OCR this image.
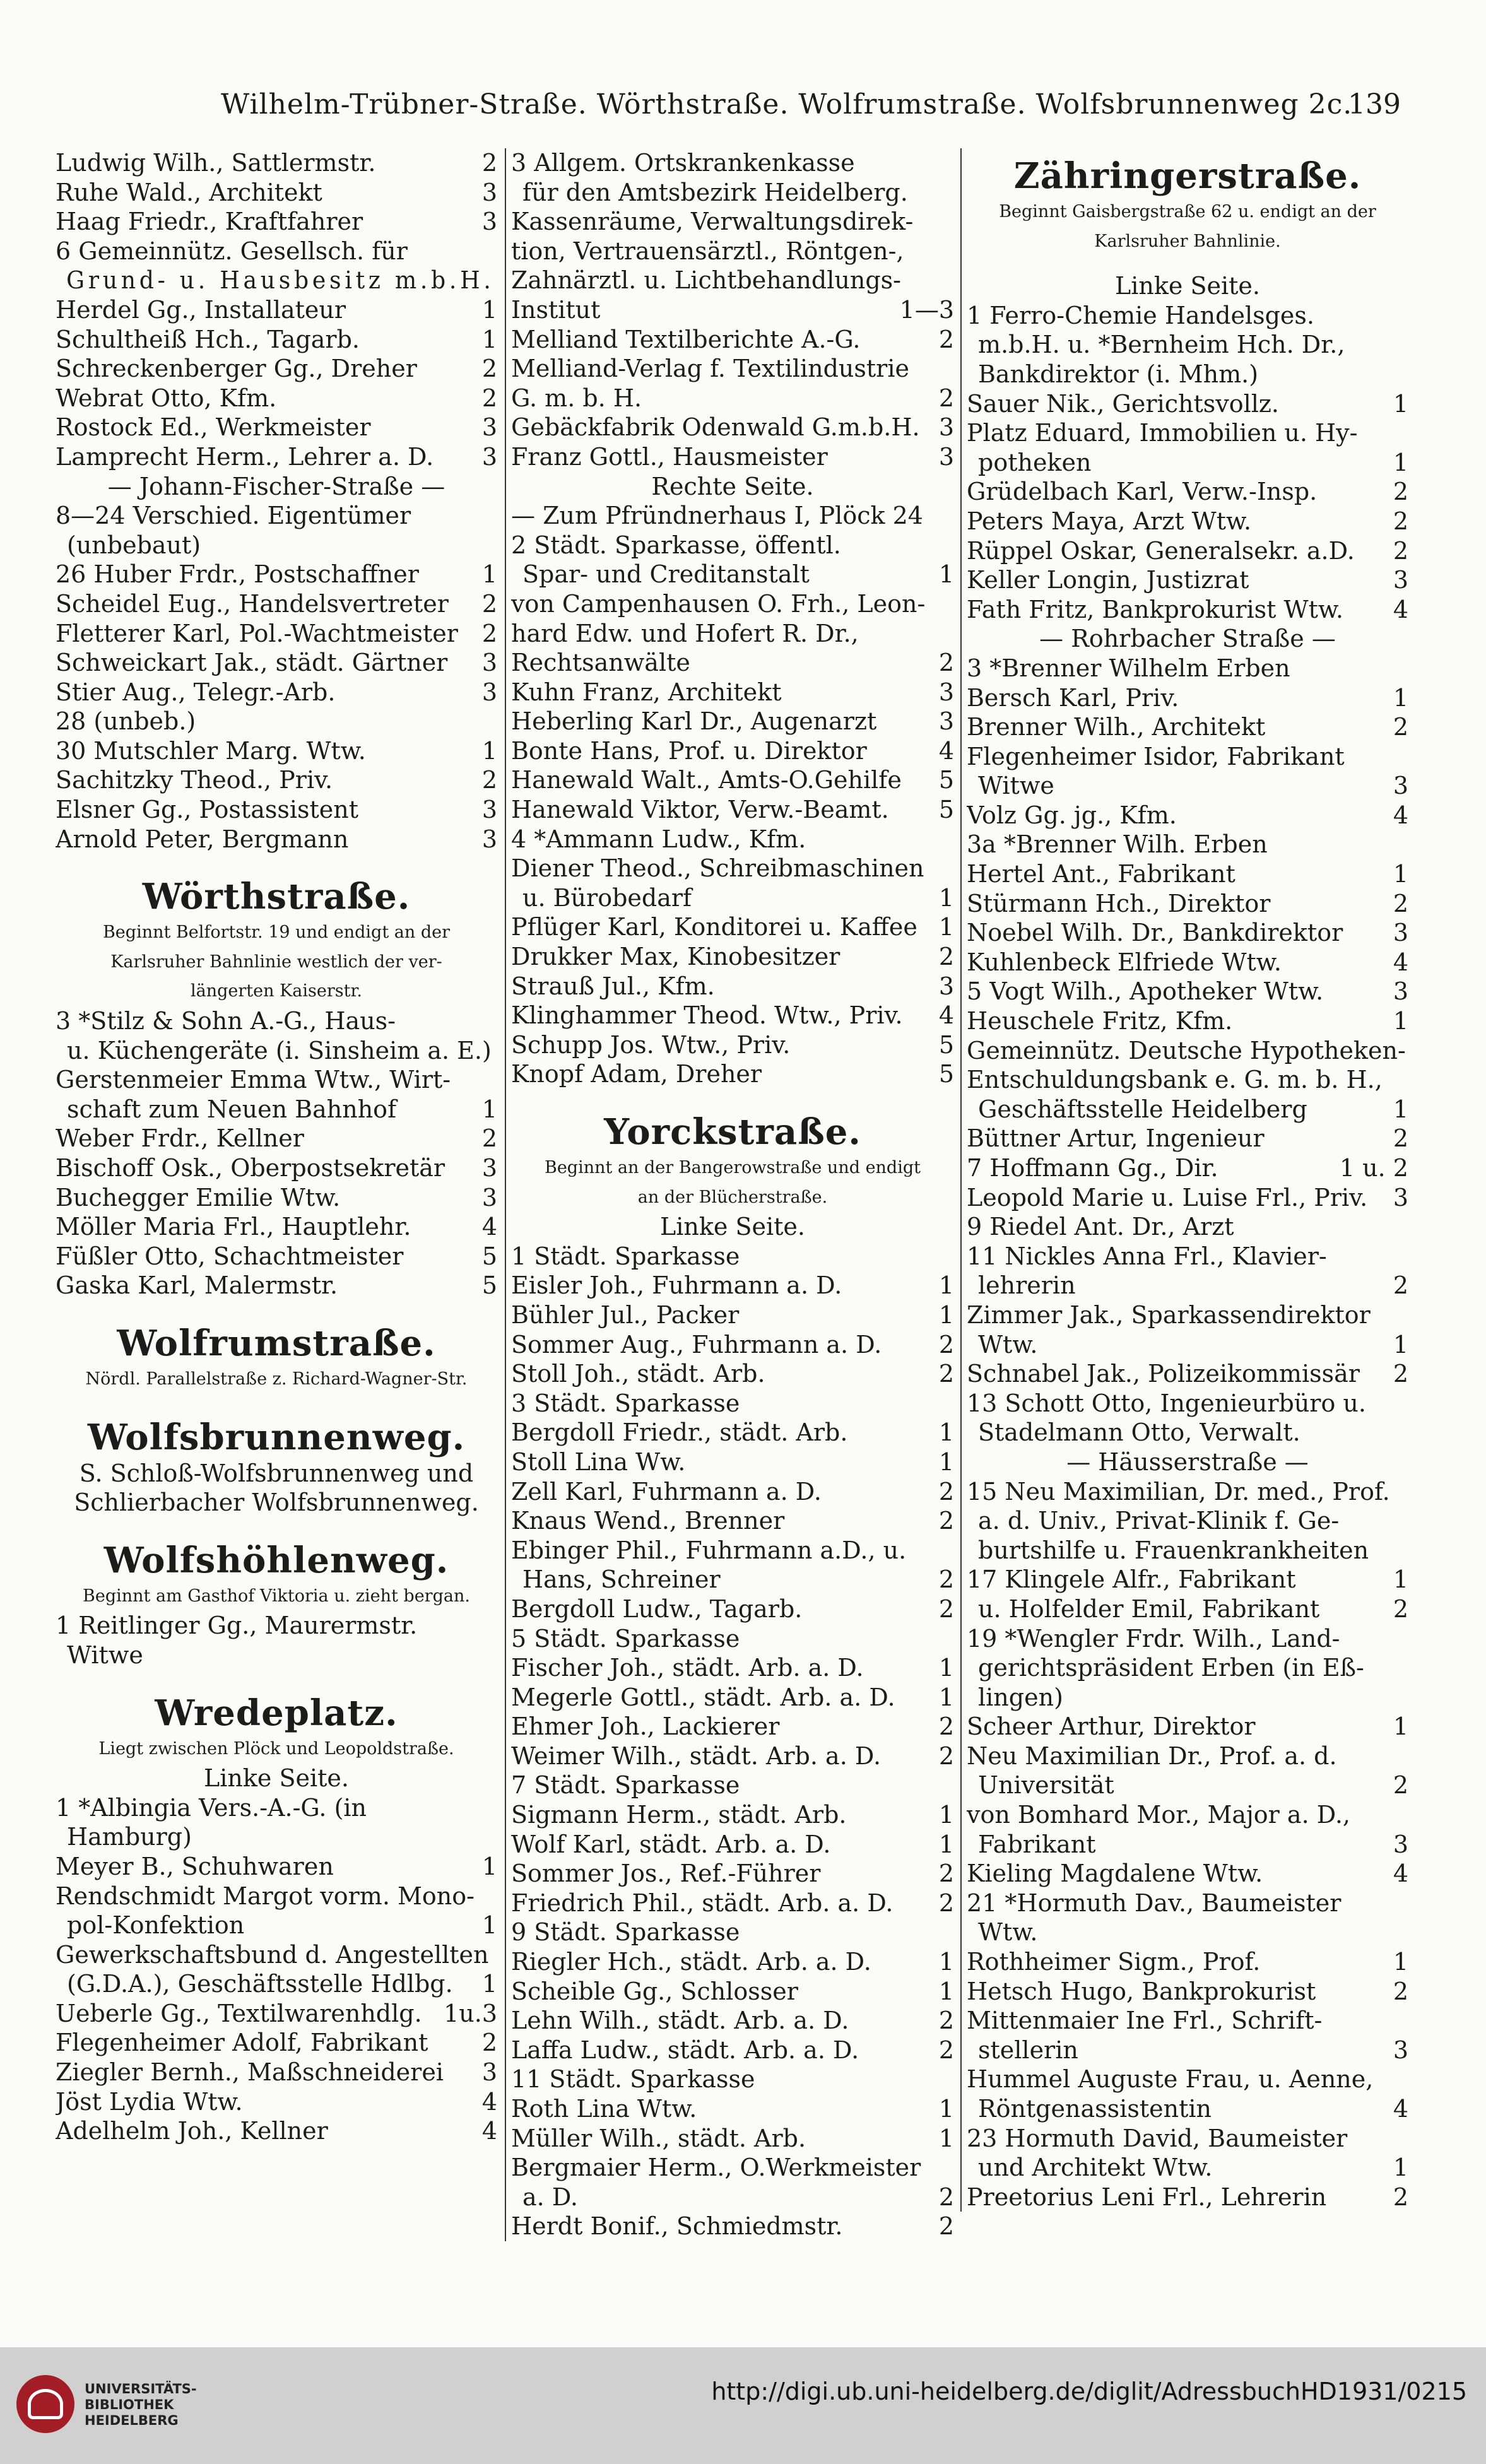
Wilhelm-Trübner-Straße. Wörthstraße. Wolfrumstraße. Wolfsbrunnenweg 2c.
139
Ludwig Wilh., Sattlermstr.	2
Ruhe Wald., Architekt	3
Haag Friedr., Kraftfahrer	3
6 Gemeinnütz. Gesellsch. für
Grund- u. Hausbesitz m.b.H.
Herdel Gg., Installateur	1
Schultheiß Hch., Tagarb.	1
Schreckenberger Gg., Dreher	2
Webrat Otto, Kfm.	2
Rostock Ed., Werkmeister	3
Lamprecht Herm., Lehrer a. D. 3
— Johann-Fischer-Straße —
8—24 Verschied. Eigentümer
(unbebaut)
26 Huber Frdr., Postschaffner	1
Scheidel Eug., Handelsvertreter 2
Fletterer Karl, Pol.-Wachtmeister 2
Schweickart Jak., städt. Gärtner 3
Stier Aug., Telegr.-Arb.	3
28 (unbeb.)
30 Mutschler Marg. Wtw.	1
Sachitzky Theod., Priv.	2
Elsner Gg., Postassistent	3
Arnold Peter, Bergmann	3
Wörthstraße.
Beginnt Belfortstr. 19 und endigt an der
Karlsruher Bahnlinie westlich der ver-
längerten Kaiserstr.
3 *Stilz & Sohn A.-G., Haus-
u. Küchengeräte (i. Sinsheim a. E.)
Gerstenmeier Emma Wtw., Wirt-
schaft zum Neuen Bahnhof	1
Weber Frdr., Kellner	2
Bischoff Osk., Oberpostsekretär 3
Buchegger Emilie Wtw.	3
Möller Maria Frl., Hauptlehr.	4
Füßler Otto, Schachtmeister	5
Gaska Karl, Malermstr.	5
Wolfrumstraße.
Nördl. Parallelstraße z. Richard-Wagner-Str.
Wolfsbrunnenweg.
S. Schloß-Wolfsbrunnenweg und
Schlierbacher Wolfsbrunnenweg.
Wolfshöhlenweg.
Beginnt am Gasthof Viktoria u. zieht bergan.
1 Reitlinger Gg., Maurermstr.
Witwe
Wredeplatz.
Liegt zwischen Plöck und Leopoldstraße.
Linke Seite.
1 *Albingia Vers.-A.-G. (in
Hamburg)
Meyer B., Schuhwaren	1
Rendschmidt Margot vorm. Mono-
pol-Konfektion	1
Gewerkschaftsbund d. Angestellten
(G.D.A.), Geschäftsstelle Hdlbg. 1
Ueberle Gg., Textilwarenhdlg. 1u.3
Flegenheimer Adolf, Fabrikant 2
Ziegler Bernh., Maßschneiderei 3
Jöst Lydia Wtw.	4
Adelhelm Joh., Kellner	4
3 Allgem. Ortskrankenkasse
für den Amtsbezirk Heidelberg.
Kassenräume, Verwaltungsdirek-
tion, Vertrauensärztl., Röntgen-,
Zahnärztl. u. Lichtbehandlungs-
Institut	1—3
Melliand Textilberichte A.-G.	2
Melliand-Verlag f. Textilindustrie
G. m. b. H.	2
Gebäckfabrik Odenwald G.m.b.H. 3
Franz Gottl., Hausmeister	3
Rechte Seite.
— Zum Pfründnerhaus I, Plöck 24
2 Städt. Sparkasse, öffentl.
Spar- und Creditanstalt	1
von Campenhausen O. Frh., Leon-
hard Edw. und Hofert R. Dr.,
Rechtsanwälte	2
Kuhn Franz, Architekt	3
Heberling Karl Dr., Augenarzt	3
Bonte Hans, Prof. u. Direktor	4
Hanewald Walt., Amts-O.Gehilfe 5
Hanewald Viktor, Verw.-Beamt. 5
4 *Ammann Ludw., Kfm.
Diener Theod., Schreibmaschinen
u. Bürobedarf	1
Pflüger Karl, Konditorei u. Kaffee 1
Drukker Max, Kinobesitzer	2
Strauß Jul., Kfm.	3
Klinghammer Theod. Wtw., Priv. 4
Schupp Jos. Wtw., Priv.	5
Knopf Adam, Dreher	5
Yorckstraße.
Beginnt an der Bangerowstraße und endigt
an der Blücherstraße.
Linke Seite.
1 Städt. Sparkasse
Eisler Joh., Fuhrmann a. D.	1
Bühler Jul., Packer	1
Sommer Aug., Fuhrmann a. D. 2
Stoll Joh., städt. Arb.	2
3 Städt. Sparkasse
Bergdoll Friedr., städt. Arb.	1
Stoll Lina Ww.	1
Zell Karl, Fuhrmann a. D.	2
Knaus Wend., Brenner	2
Ebinger Phil., Fuhrmann a.D., u.
Hans, Schreiner	2
Bergdoll Ludw., Tagarb.	2
5 Städt. Sparkasse
Fischer Joh., städt. Arb. a. D.	1
Megerle Gottl., städt. Arb. a. D. 1
Ehmer Joh., Lackierer	2
Weimer Wilh., städt. Arb. a. D. 2
7 Städt. Sparkasse
Sigmann Herm., städt. Arb.	1
Wolf Karl, städt. Arb. a. D.	1
Sommer Jos., Ref.-Führer	2
Friedrich Phil., städt. Arb. a. D. 2
9 Städt. Sparkasse
Riegler Hch., städt. Arb. a. D.	1
Scheible Gg., Schlosser	1
Lehn Wilh., städt. Arb. a. D.	2
Laffa Ludw., städt. Arb. a. D.	2
11 Städt. Sparkasse
Roth Lina Wtw.	1
Müller Wilh., städt. Arb.	1
Bergmaier Herm., O.Werkmeister
a. D.	2
Herdt Bonif., Schmiedmstr.	2
Zähringerstraße.
Beginnt Gaisbergstraße 62 u. endigt an der
Karlsruher Bahnlinie.
Linke Seite.
1 Ferro-Chemie Handelsges.
m.b.H. u. *Bernheim Hch. Dr.,
Bankdirektor (i. Mhm.)
Sauer Nik., Gerichtsvollz.	1
Platz Eduard, Immobilien u. Hy-
potheken	1
Grüdelbach Karl, Verw.-Insp.	2
Peters Maya, Arzt Wtw.	2
Rüppel Oskar, Generalsekr. a.D. 2
Keller Longin, Justizrat	3
Fath Fritz, Bankprokurist Wtw. 4
— Rohrbacher Straße —
3 *Brenner Wilhelm Erben
Bersch Karl, Priv.	1
Brenner Wilh., Architekt	2
Flegenheimer Isidor, Fabrikant
Witwe	3
Volz Gg. jg., Kfm.	4
3a *Brenner Wilh. Erben
Hertel Ant., Fabrikant	1
Stürmann Hch., Direktor	2
Noebel Wilh. Dr., Bankdirektor 3
Kuhlenbeck Elfriede Wtw.	4
5 Vogt Wilh., Apotheker Wtw.	3
Heuschele Fritz, Kfm.	1
Gemeinnütz. Deutsche Hypotheken-
Entschuldungsbank e. G. m. b. H.,
Geschäftsstelle Heidelberg	1
Büttner Artur, Ingenieur	2
7 Hoffmann Gg., Dir.	1 u. 2
Leopold Marie u. Luise Frl., Priv. 3
9 Riedel Ant. Dr., Arzt
11 Nickles Anna Frl., Klavier-
lehrerin	2
Zimmer Jak., Sparkassendirektor
Wtw.	1
Schnabel Jak., Polizeikommissär 2
13 Schott Otto, Ingenieurbüro u.
Stadelmann Otto, Verwalt.
— Häusserstraße —
15 Neu Maximilian, Dr. med., Prof.
a. d. Univ., Privat-Klinik f. Ge-
burtshilfe u. Frauenkrankheiten
17 Klingele Alfr., Fabrikant	1
u. Holfelder Emil, Fabrikant	2
19 *Wengler Frdr. Wilh., Land-
gerichtspräsident Erben (in Eß-
lingen)
Scheer Arthur, Direktor	1
Neu Maximilian Dr., Prof. a. d.
Universität	2
von Bomhard Mor., Major a. D.,
Fabrikant	3
Kieling Magdalene Wtw.	4
21 *Hormuth Dav., Baumeister
Wtw.
Rothheimer Sigm., Prof.	1
Hetsch Hugo, Bankprokurist	2
Mittenmaier Ine Frl., Schrift-
stellerin	3
Hummel Auguste Frau, u. Aenne,
Röntgenassistentin	4
23 Hormuth David, Baumeister
und Architekt Wtw.	1
Preetorius Leni Frl., Lehrerin	2
UNIVERSITÄTS-
BIBLIOTHEK
HEIDELBERG
http://digi.ub.uni-heidelberg.de/diglit/AdressbuchHD1931/0215
